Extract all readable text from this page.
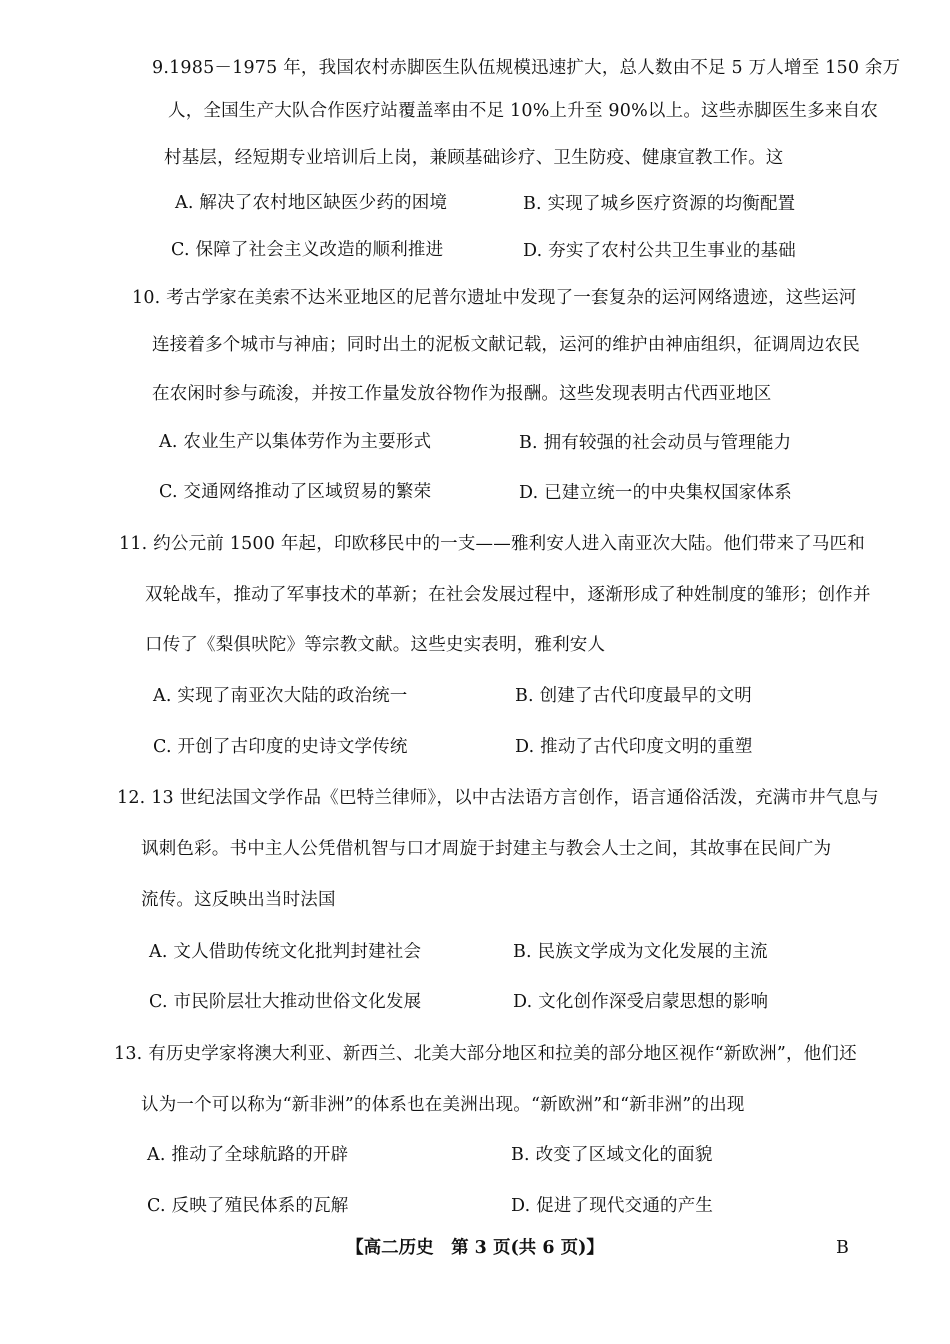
9.1985－1975 年，我国农村赤脚医生队伍规模迅速扩大，总人数由不足 5 万人增至 150 余万
人，全国生产大队合作医疗站覆盖率由不足 10%上升至 90%以上。这些赤脚医生多来自农
村基层，经短期专业培训后上岗，兼顾基础诊疗、卫生防疫、健康宣教工作。这
A. 解决了农村地区缺医少药的困境	B. 实现了城乡医疗资源的均衡配置
C. 保障了社会主义改造的顺利推进	D. 夯实了农村公共卫生事业的基础
10. 考古学家在美索不达米亚地区的尼普尔遗址中发现了一套复杂的运河网络遗迹，这些运河
连接着多个城市与神庙；同时出土的泥板文献记载，运河的维护由神庙组织，征调周边农民
在农闲时参与疏浚，并按工作量发放谷物作为报酬。这些发现表明古代西亚地区
A. 农业生产以集体劳作为主要形式	B. 拥有较强的社会动员与管理能力
C. 交通网络推动了区域贸易的繁荣	D. 已建立统一的中央集权国家体系
11. 约公元前 1500 年起，印欧移民中的一支——雅利安人进入南亚次大陆。他们带来了马匹和
双轮战车，推动了军事技术的革新；在社会发展过程中，逐渐形成了种姓制度的雏形；创作并
口传了《梨俱吠陀》等宗教文献。这些史实表明，雅利安人
A. 实现了南亚次大陆的政治统一	B. 创建了古代印度最早的文明
C. 开创了古印度的史诗文学传统	D. 推动了古代印度文明的重塑
12. 13 世纪法国文学作品《巴特兰律师》，以中古法语方言创作，语言通俗活泼，充满市井气息与
讽刺色彩。书中主人公凭借机智与口才周旋于封建主与教会人士之间，其故事在民间广为
流传。这反映出当时法国
A. 文人借助传统文化批判封建社会	B. 民族文学成为文化发展的主流
C. 市民阶层壮大推动世俗文化发展	D. 文化创作深受启蒙思想的影响
13. 有历史学家将澳大利亚、新西兰、北美大部分地区和拉美的部分地区视作“新欧洲”，他们还
认为一个可以称为“新非洲”的体系也在美洲出现。“新欧洲”和“新非洲”的出现
A. 推动了全球航路的开辟	B. 改变了区域文化的面貌
C. 反映了殖民体系的瓦解	D. 促进了现代交通的产生
【高二历史　第 3 页(共 6 页)】	B
